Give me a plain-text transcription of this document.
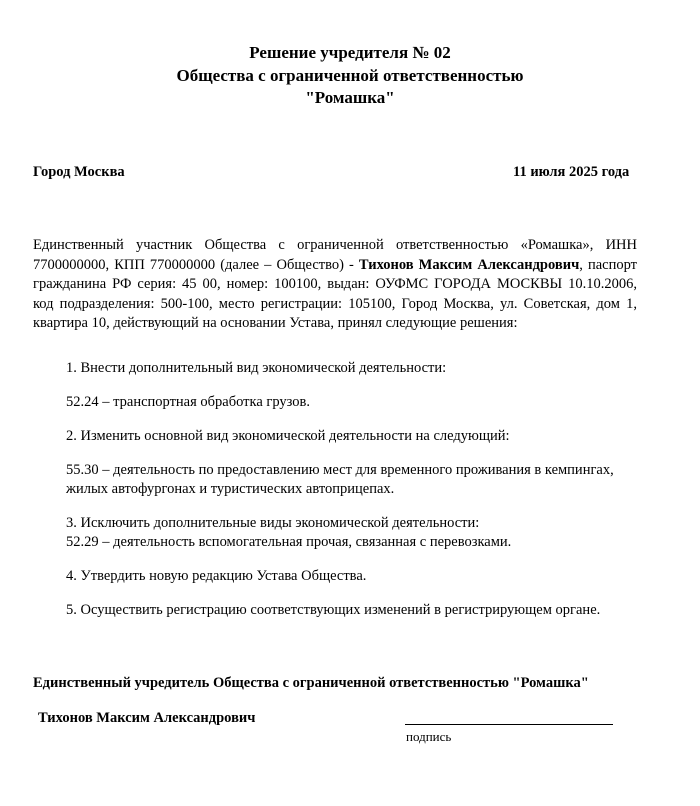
Решение учредителя № 02
Общества с ограниченной ответственностью
"Ромашка"
Город Москва	11 июля 2025 года
Единственный участник Общества с ограниченной ответственностью «Ромашка», ИНН
7700000000, КПП 770000000 (далее – Общество) - Тихонов Максим Александрович, паспорт
гражданина РФ серия: 45 00, номер: 100100, выдан: ОУФМС ГОРОДА МОСКВЫ 10.10.2006,
код подразделения: 500-100, место регистрации: 105100, Город Москва, ул. Советская, дом 1,
квартира 10, действующий на основании Устава, принял следующие решения:
1. Внести дополнительный вид экономической деятельности:
52.24 – транспортная обработка грузов.
2. Изменить основной вид экономической деятельности на следующий:
55.30 – деятельность по предоставлению мест для временного проживания в кемпингах,
жилых автофургонах и туристических автоприцепах.
3. Исключить дополнительные виды экономической деятельности:
52.29 – деятельность вспомогательная прочая, связанная с перевозками.
4. Утвердить новую редакцию Устава Общества.
5. Осуществить регистрацию соответствующих изменений в регистрирующем органе.
Единственный учредитель Общества с ограниченной ответственностью "Ромашка"
Тихонов Максим Александрович
подпись
